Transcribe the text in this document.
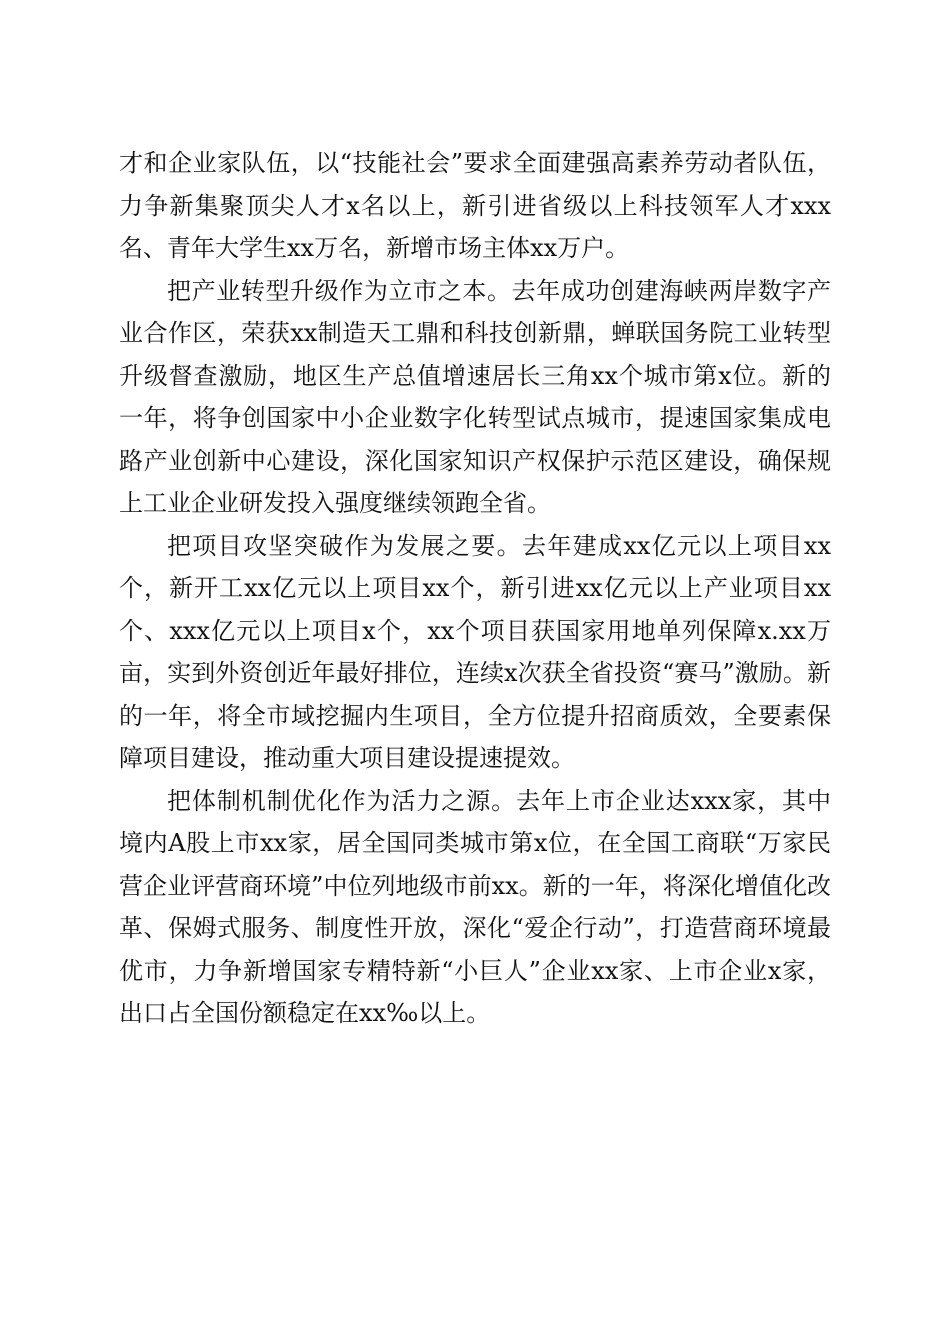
才和企业家队伍，以“技能社会”要求全面建强高素养劳动者队伍，力争新集聚顶尖人才x名以上，新引进省级以上科技领军人才xxx名、青年大学生xx万名，新增市场主体xx万户。

把产业转型升级作为立市之本。去年成功创建海峡两岸数字产业合作区，荣获xx制造天工鼎和科技创新鼎，蝉联国务院工业转型升级督查激励，地区生产总值增速居长三角xx个城市第x位。新的一年，将争创国家中小企业数字化转型试点城市，提速国家集成电路产业创新中心建设，深化国家知识产权保护示范区建设，确保规上工业企业研发投入强度继续领跑全省。

把项目攻坚突破作为发展之要。去年建成xx亿元以上项目xx个，新开工xx亿元以上项目xx个，新引进xx亿元以上产业项目xx个、xxx亿元以上项目x个，xx个项目获国家用地单列保障x.xx万亩，实到外资创近年最好排位，连续x次获全省投资“赛马”激励。新的一年，将全市域挖掘内生项目，全方位提升招商质效，全要素保障项目建设，推动重大项目建设提速提效。

把体制机制优化作为活力之源。去年上市企业达xxx家，其中境内A股上市xx家，居全国同类城市第x位，在全国工商联“万家民营企业评营商环境”中位列地级市前xx。新的一年，将深化增值化改革、保姆式服务、制度性开放，深化“爱企行动”，打造营商环境最优市，力争新增国家专精特新“小巨人”企业xx家、上市企业x家，出口占全国份额稳定在xx‰以上。
